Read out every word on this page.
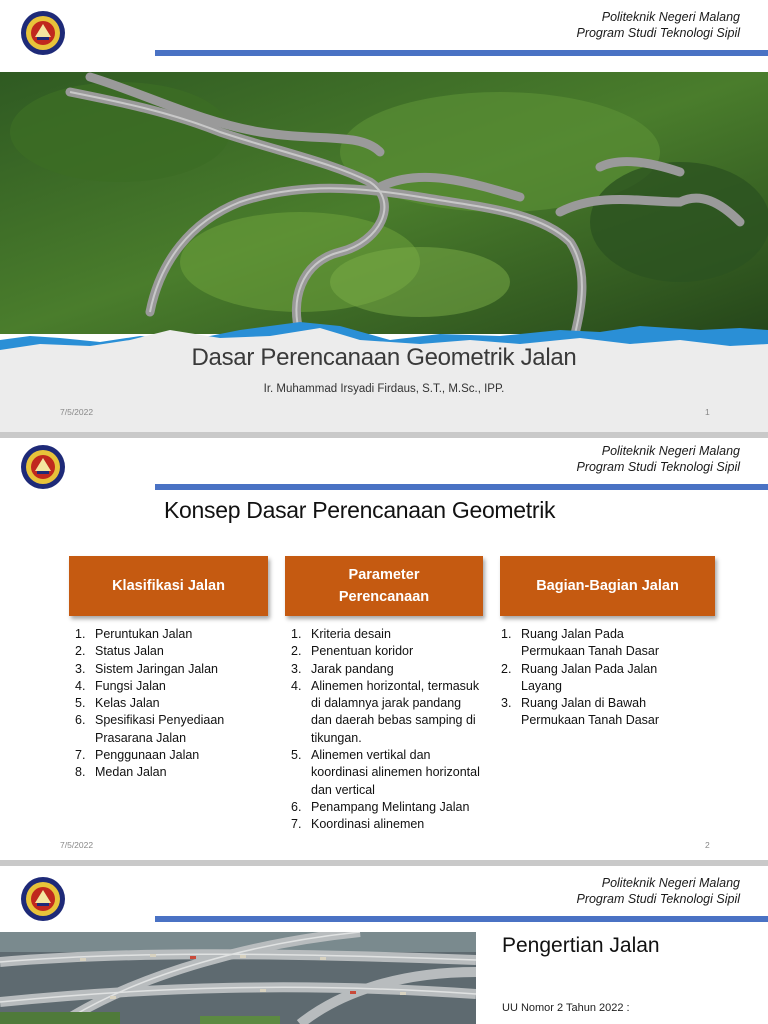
Politeknik Negeri Malang
Program Studi Teknologi Sipil
Dasar Perencanaan Geometrik Jalan
Ir. Muhammad Irsyadi Firdaus, S.T., M.Sc., IPP.
7/5/2022	1
Politeknik Negeri Malang
Program Studi Teknologi Sipil
Konsep Dasar Perencanaan Geometrik
Klasifikasi Jalan
Parameter
Perencanaan
Bagian-Bagian Jalan
1. Peruntukan Jalan
2. Status Jalan
3. Sistem Jaringan Jalan
4. Fungsi Jalan
5. Kelas Jalan
6. Spesifikasi Penyediaan Prasarana Jalan
7. Penggunaan Jalan
8. Medan Jalan
1. Kriteria desain
2. Penentuan koridor
3. Jarak pandang
4. Alinemen horizontal, termasuk di dalamnya jarak pandang dan daerah bebas samping di tikungan.
5. Alinemen vertikal dan koordinasi alinemen horizontal dan vertical
6. Penampang Melintang Jalan
7. Koordinasi alinemen
1. Ruang Jalan Pada Permukaan Tanah Dasar
2. Ruang Jalan Pada Jalan Layang
3. Ruang Jalan di Bawah Permukaan Tanah Dasar
7/5/2022	2
Politeknik Negeri Malang
Program Studi Teknologi Sipil
Pengertian Jalan
UU Nomor 2 Tahun 2022 :
